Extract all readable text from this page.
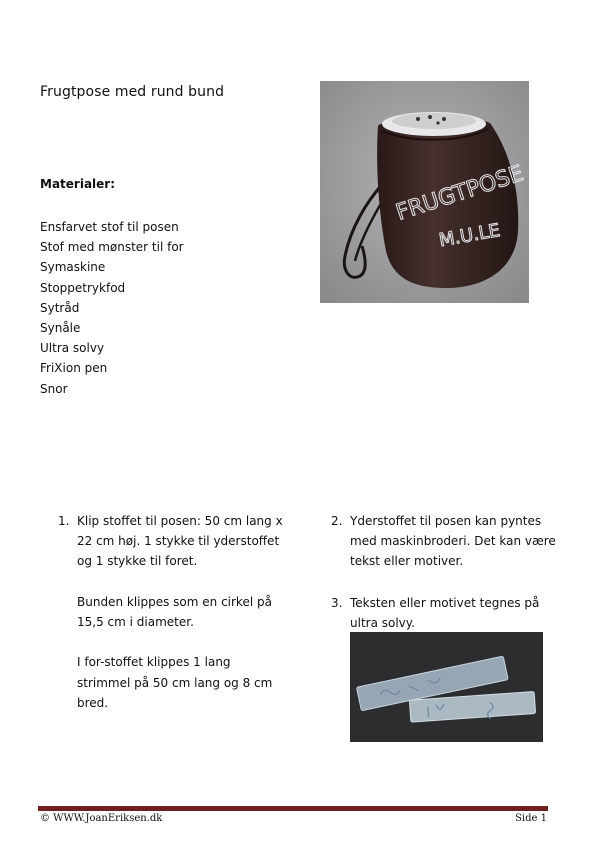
Frugtpose med rund bund
Materialer:
Ensfarvet stof til posen
Stof med mønster til for
Symaskine
Stoppetrykfod
Sytråd
Synåle
Ultra solvy
FriXion pen
Snor
FRUGTPOSE
M.U.LE
1. Klip stoffet til posen: 50 cm lang x 22 cm høj. 1 stykke til yderstoffet og 1 stykke til foret.

Bunden klippes som en cirkel på 15,5 cm i diameter.

I for-stoffet klippes 1 lang strimmel på 50 cm lang og 8 cm bred.

2. Yderstoffet til posen kan pyntes med maskinbroderi. Det kan være tekst eller motiver.

3. Teksten eller motivet tegnes på ultra solvy.

© WWW.JoanEriksen.dk	Side 1
